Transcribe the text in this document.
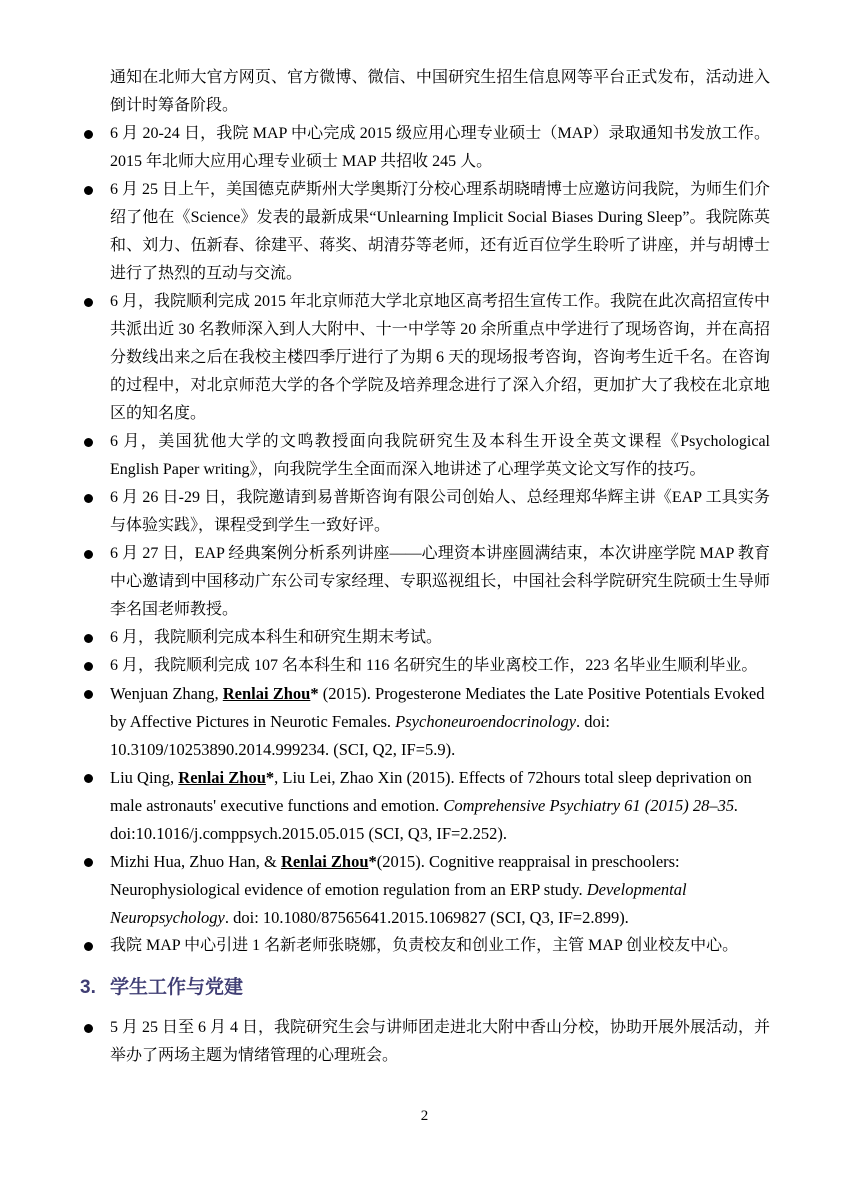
通知在北师大官方网页、官方微博、微信、中国研究生招生信息网等平台正式发布，活动进入倒计时筹备阶段。

6 月 20-24 日，我院 MAP 中心完成 2015 级应用心理专业硕士（MAP）录取通知书发放工作。2015 年北师大应用心理专业硕士 MAP 共招收 245 人。
6 月 25 日上午，美国德克萨斯州大学奥斯汀分校心理系胡晓晴博士应邀访问我院，为师生们介绍了他在《Science》发表的最新成果“Unlearning Implicit Social Biases During Sleep”。我院陈英和、刘力、伍新春、徐建平、蒋奖、胡清芬等老师，还有近百位学生聆听了讲座，并与胡博士进行了热烈的互动与交流。
6 月，我院顺利完成 2015 年北京师范大学北京地区高考招生宣传工作。我院在此次高招宣传中共派出近 30 名教师深入到人大附中、十一中学等 20 余所重点中学进行了现场咨询，并在高招分数线出来之后在我校主楼四季厅进行了为期 6 天的现场报考咨询，咨询考生近千名。在咨询的过程中，对北京师范大学的各个学院及培养理念进行了深入介绍，更加扩大了我校在北京地区的知名度。
6 月，美国犹他大学的文鸣教授面向我院研究生及本科生开设全英文课程《Psychological English Paper writing》，向我院学生全面而深入地讲述了心理学英文论文写作的技巧。
6 月 26 日-29 日，我院邀请到易普斯咨询有限公司创始人、总经理郑华辉主讲《EAP 工具实务与体验实践》，课程受到学生一致好评。
6 月 27 日，EAP 经典案例分析系列讲座——心理资本讲座圆满结束，本次讲座学院 MAP 教育中心邀请到中国移动广东公司专家经理、专职巡视组长，中国社会科学院研究生院硕士生导师李名国老师教授。
6 月，我院顺利完成本科生和研究生期末考试。
6 月，我院顺利完成 107 名本科生和 116 名研究生的毕业离校工作，223 名毕业生顺利毕业。
Wenjuan Zhang, Renlai Zhou* (2015). Progesterone Mediates the Late Positive Potentials Evoked by Affective Pictures in Neurotic Females. Psychoneuroendocrinology. doi: 10.3109/10253890.2014.999234. (SCI, Q2, IF=5.9).
Liu Qing, Renlai Zhou*, Liu Lei, Zhao Xin (2015). Effects of 72hours total sleep deprivation on male astronauts' executive functions and emotion. Comprehensive Psychiatry 61 (2015) 28–35. doi:10.1016/j.comppsych.2015.05.015 (SCI, Q3, IF=2.252).
Mizhi Hua, Zhuo Han, & Renlai Zhou*(2015). Cognitive reappraisal in preschoolers: Neurophysiological evidence of emotion regulation from an ERP study. Developmental Neuropsychology. doi: 10.1080/87565641.2015.1069827 (SCI, Q3, IF=2.899).
我院 MAP 中心引进 1 名新老师张晓娜，负责校友和创业工作，主管 MAP 创业校友中心。
3. 学生工作与党建
5 月 25 日至 6 月 4 日，我院研究生会与讲师团走进北大附中香山分校，协助开展外展活动，并举办了两场主题为情绪管理的心理班会。
2
